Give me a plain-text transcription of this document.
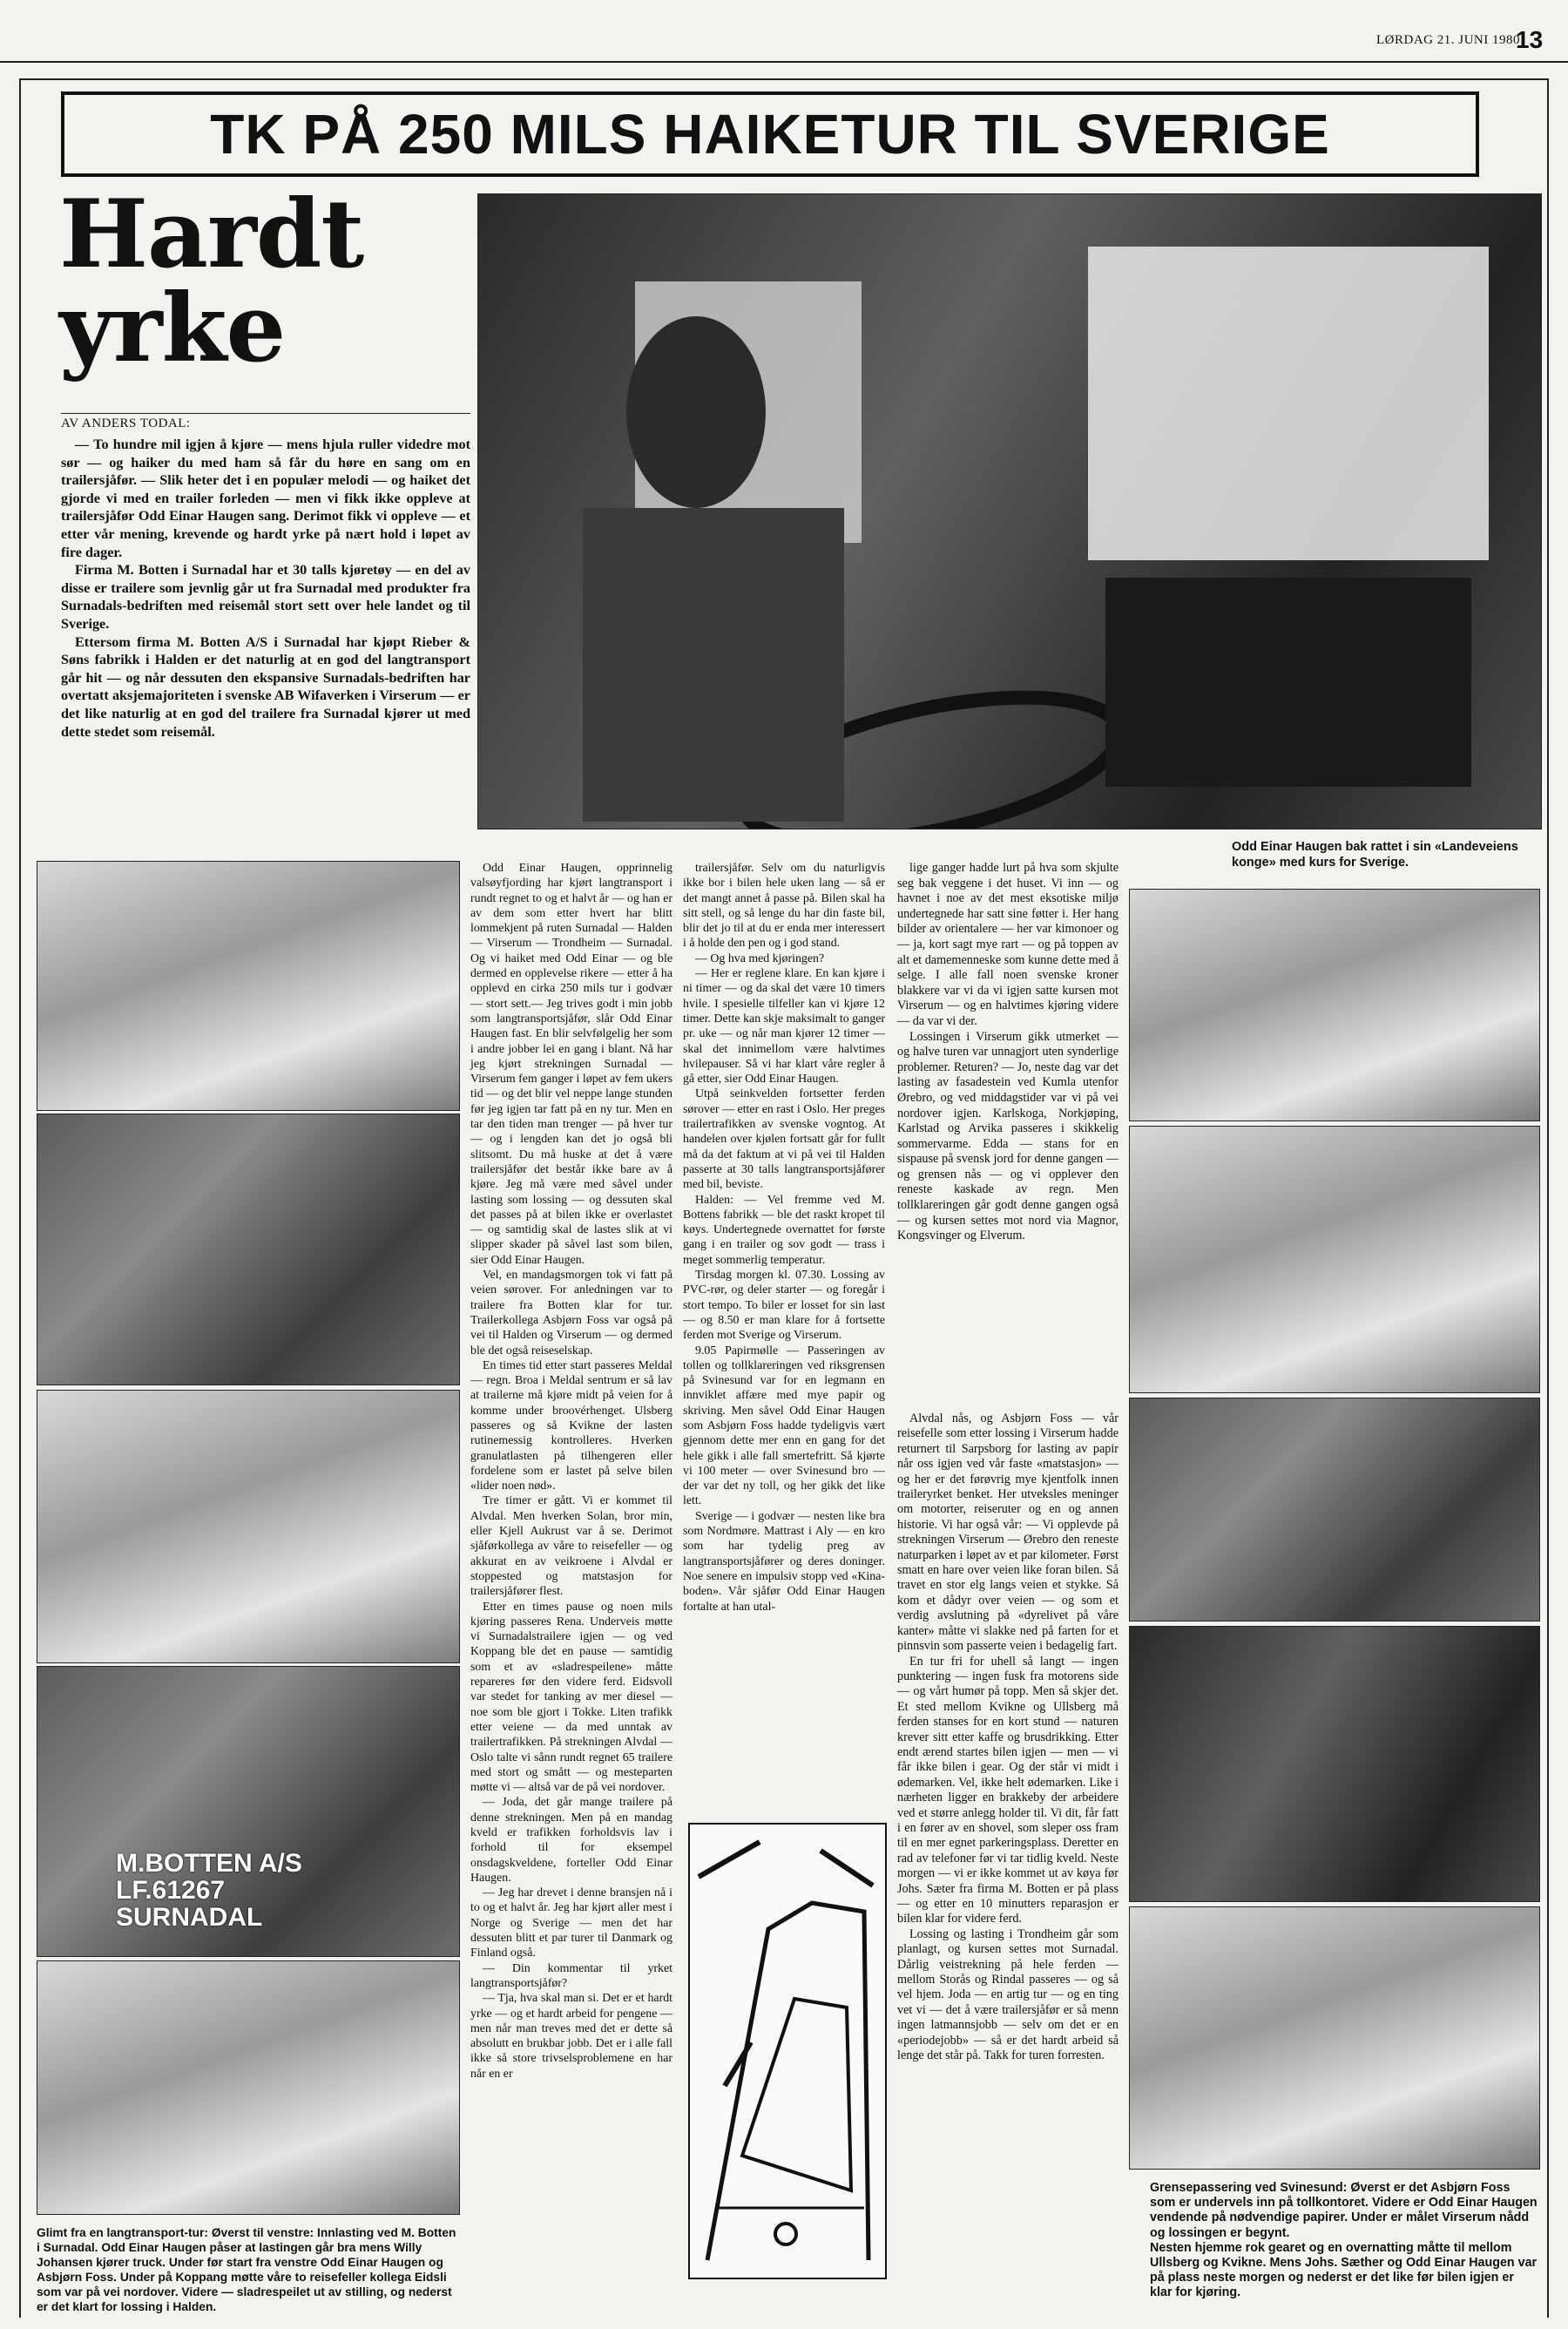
LØRDAG 21. JUNI 1980
13
TK PÅ 250 MILS HAIKETUR TIL SVERIGE
Hardt
yrke
AV ANDERS TODAL:

— To hundre mil igjen å kjøre — mens hjula ruller videdre mot sør — og haiker du med ham så får du høre en sang om en trailersjåfør. — Slik heter det i en populær melodi — og haiket det gjorde vi med en trailer forleden — men vi fikk ikke oppleve at trailersjåfør Odd Einar Haugen sang. Derimot fikk vi oppleve — et etter vår mening, krevende og hardt yrke på nært hold i løpet av fire dager.

Firma M. Botten i Surnadal har et 30 talls kjøretøy — en del av disse er trailere som jevnlig går ut fra Surnadal med produkter fra Surnadals-bedriften med reisemål stort sett over hele landet og til Sverige.

Ettersom firma M. Botten A/S i Surnadal har kjøpt Rieber & Søns fabrikk i Halden er det naturlig at en god del langtransport går hit — og når dessuten den ekspansive Surnadals-bedriften har overtatt aksjemajoriteten i svenske AB Wifaverken i Virserum — er det like naturlig at en god del trailere fra Surnadal kjører ut med dette stedet som reisemål.

Odd Einar Haugen bak rattet i sin «Landeveiens konge» med kurs for Sverige.
M.BOTTEN A/S
LF.61267
SURNADAL
Glimt fra en langtransport-tur: Øverst til venstre: Innlasting ved M. Botten i Surnadal. Odd Einar Haugen påser at lastingen går bra mens Willy Johansen kjører truck. Under før start fra venstre Odd Einar Haugen og Asbjørn Foss. Under på Koppang møtte våre to reisefeller kollega Eidsli som var på vei nordover. Videre — sladrespeilet ut av stilling, og nederst er det klart for lossing i Halden.

Odd Einar Haugen, opprinnelig valsøyfjording har kjørt langtransport i rundt regnet to og et halvt år — og han er av dem som etter hvert har blitt lommekjent på ruten Surnadal — Halden — Virserum — Trondheim — Surnadal. Og vi haiket med Odd Einar — og ble dermed en opplevelse rikere — etter å ha opplevd en cirka 250 mils tur i godvær — stort sett.— Jeg trives godt i min jobb som langtransportsjåfør, slår Odd Einar Haugen fast. En blir selvfølgelig her som i andre jobber lei en gang i blant. Nå har jeg kjørt strekningen Surnadal — Virserum fem ganger i løpet av fem ukers tid — og det blir vel neppe lange stunden før jeg igjen tar fatt på en ny tur. Men en tar den tiden man trenger — på hver tur — og i lengden kan det jo også bli slitsomt. Du må huske at det å være trailersjåfør det består ikke bare av å kjøre. Jeg må være med såvel under lasting som lossing — og dessuten skal det passes på at bilen ikke er overlastet — og samtidig skal de lastes slik at vi slipper skader på såvel last som bilen, sier Odd Einar Haugen.

Vel, en mandagsmorgen tok vi fatt på veien sørover. For anledningen var to trailere fra Botten klar for tur. Trailerkollega Asbjørn Foss var også på vei til Halden og Virserum — og dermed ble det også reiseselskap.

En times tid etter start passeres Meldal — regn. Broa i Meldal sentrum er så lav at trailerne må kjøre midt på veien for å komme under broovérhenget. Ulsberg passeres og så Kvikne der lasten rutinemessig kontrolleres. Hverken granulatlasten på tilhengeren eller fordelene som er lastet på selve bilen «lider noen nød».

Tre timer er gått. Vi er kommet til Alvdal. Men hverken Solan, bror min, eller Kjell Aukrust var å se. Derimot sjåførkollega av våre to reisefeller — og akkurat en av veikroene i Alvdal er stoppested og matstasjon for trailersjåfører flest.

Etter en times pause og noen mils kjøring passeres Rena. Underveis møtte vi Surnadalstrailere igjen — og ved Koppang ble det en pause — samtidig som et av «sladrespeilene» måtte repareres før den videre ferd. Eidsvoll var stedet for tanking av mer diesel — noe som ble gjort i Tokke. Liten trafikk etter veiene — da med unntak av trailertrafikken. På strekningen Alvdal — Oslo talte vi sånn rundt regnet 65 trailere med stort og smått — og mesteparten møtte vi — altså var de på vei nordover.

— Joda, det går mange trailere på denne strekningen. Men på en mandag kveld er trafikken forholdsvis lav i forhold til for eksempel onsdagskveldene, forteller Odd Einar Haugen.

— Jeg har drevet i denne bransjen nå i to og et halvt år. Jeg har kjørt aller mest i Norge og Sverige — men det har dessuten blitt et par turer til Danmark og Finland også.

— Din kommentar til yrket langtransportsjåfør?

— Tja, hva skal man si. Det er et hardt yrke — og et hardt arbeid for pengene — men når man treves med det er dette så absolutt en brukbar jobb. Det er i alle fall ikke så store trivselsproblemene en har når en er

trailersjåfør. Selv om du naturligvis ikke bor i bilen hele uken lang — så er det mangt annet å passe på. Bilen skal ha sitt stell, og så lenge du har din faste bil, blir det jo til at du er enda mer interessert i å holde den pen og i god stand.

— Og hva med kjøringen?

— Her er reglene klare. En kan kjøre i ni timer — og da skal det være 10 timers hvile. I spesielle tilfeller kan vi kjøre 12 timer. Dette kan skje maksimalt to ganger pr. uke — og når man kjører 12 timer — skal det innimellom være halvtimes hvilepauser. Så vi har klart våre regler å gå etter, sier Odd Einar Haugen.

Utpå seinkvelden fortsetter ferden sørover — etter en rast i Oslo. Her preges trailertrafikken av svenske vogntog. At handelen over kjølen fortsatt går for fullt må da det faktum at vi på vei til Halden passerte at 30 talls langtransportsjåfører med bil, beviste.

Halden: — Vel fremme ved M. Bottens fabrikk — ble det raskt kropet til køys. Undertegnede overnattet for første gang i en trailer og sov godt — trass i meget sommerlig temperatur.

Tirsdag morgen kl. 07.30. Lossing av PVC-rør, og deler starter — og foregår i stort tempo. To biler er losset for sin last — og 8.50 er man klare for å fortsette ferden mot Sverige og Virserum.

9.05 Papirmølle — Passeringen av tollen og tollklareringen ved riksgrensen på Svinesund var for en legmann en innviklet affære med mye papir og skriving. Men såvel Odd Einar Haugen som Asbjørn Foss hadde tydeligvis vært gjennom dette mer enn en gang for det hele gikk i alle fall smertefritt. Så kjørte vi 100 meter — over Svinesund bro — der var det ny toll, og her gikk det like lett.

Sverige — i godvær — nesten like bra som Nordmøre. Mattrast i Aly — en kro som har tydelig preg av langtransportsjåfører og deres doninger. Noe senere en impulsiv stopp ved «Kina-boden». Vår sjåfør Odd Einar Haugen fortalte at han utal-

lige ganger hadde lurt på hva som skjulte seg bak veggene i det huset. Vi inn — og havnet i noe av det mest eksotiske miljø undertegnede har satt sine føtter i. Her hang bilder av orientalere — her var kimonoer og — ja, kort sagt mye rart — og på toppen av alt et damemenneske som kunne dette med å selge. I alle fall noen svenske kroner blakkere var vi da vi igjen satte kursen mot Virserum — og en halvtimes kjøring videre — da var vi der.

Lossingen i Virserum gikk utmerket — og halve turen var unnagjort uten synderlige problemer. Returen? — Jo, neste dag var det lasting av fasadestein ved Kumla utenfor Ørebro, og ved middagstider var vi på vei nordover igjen. Karlskoga, Norkjøping, Karlstad og Arvika passeres i skikkelig sommervarme. Edda — stans for en sispause på svensk jord for denne gangen — og grensen nås — og vi opplever den reneste kaskade av regn. Men tollklareringen går godt denne gangen også — og kursen settes mot nord via Magnor, Kongsvinger og Elverum.

Alvdal nås, og Asbjørn Foss — vår reisefelle som etter lossing i Virserum hadde returnert til Sarpsborg for lasting av papir når oss igjen ved vår faste «matstasjon» — og her er det førøvrig mye kjentfolk innen traileryrket benket. Her utveksles meninger om motorter, reiseruter og en og annen historie. Vi har også vår: — Vi opplevde på strekningen Virserum — Ørebro den reneste naturparken i løpet av et par kilometer. Først smatt en hare over veien like foran bilen. Så travet en stor elg langs veien et stykke. Så kom et dådyr over veien — og som et verdig avslutning på «dyrelivet på våre kanter» måtte vi slakke ned på farten for et pinnsvin som passerte veien i bedagelig fart.

En tur fri for uhell så langt — ingen punktering — ingen fusk fra motorens side — og vårt humør på topp. Men så skjer det. Et sted mellom Kvikne og Ullsberg må ferden stanses for en kort stund — naturen krever sitt etter kaffe og brusdrikking. Etter endt ærend startes bilen igjen — men — vi får ikke bilen i gear. Og der står vi midt i ødemarken. Vel, ikke helt ødemarken. Like i nærheten ligger en brakkeby der arbeidere ved et større anlegg holder til. Vi dit, får fatt i en fører av en shovel, som sleper oss fram til en mer egnet parkeringsplass. Deretter en rad av telefoner før vi tar tidlig kveld. Neste morgen — vi er ikke kommet ut av køya før Johs. Sæter fra firma M. Botten er på plass — og etter en 10 minutters reparasjon er bilen klar for videre ferd.

Lossing og lasting i Trondheim går som planlagt, og kursen settes mot Surnadal. Dårlig veistrekning på hele ferden — mellom Storås og Rindal passeres — og så vel hjem. Joda — en artig tur — og en ting vet vi — det å være trailersjåfør er så menn ingen latmannsjobb — selv om det er en «periodejobb» — så er det hardt arbeid så lenge det står på. Takk for turen forresten.

Grensepassering ved Svinesund: Øverst er det Asbjørn Foss som er undervels inn på tollkontoret. Videre er Odd Einar Haugen vendende på nødvendige papirer. Under er målet Virserum nådd og lossingen er begynt.
Nesten hjemme rok gearet og en overnatting måtte til mellom Ullsberg og Kvikne. Mens Johs. Sæther og Odd Einar Haugen var på plass neste morgen og nederst er det like før bilen igjen er klar for kjøring.
